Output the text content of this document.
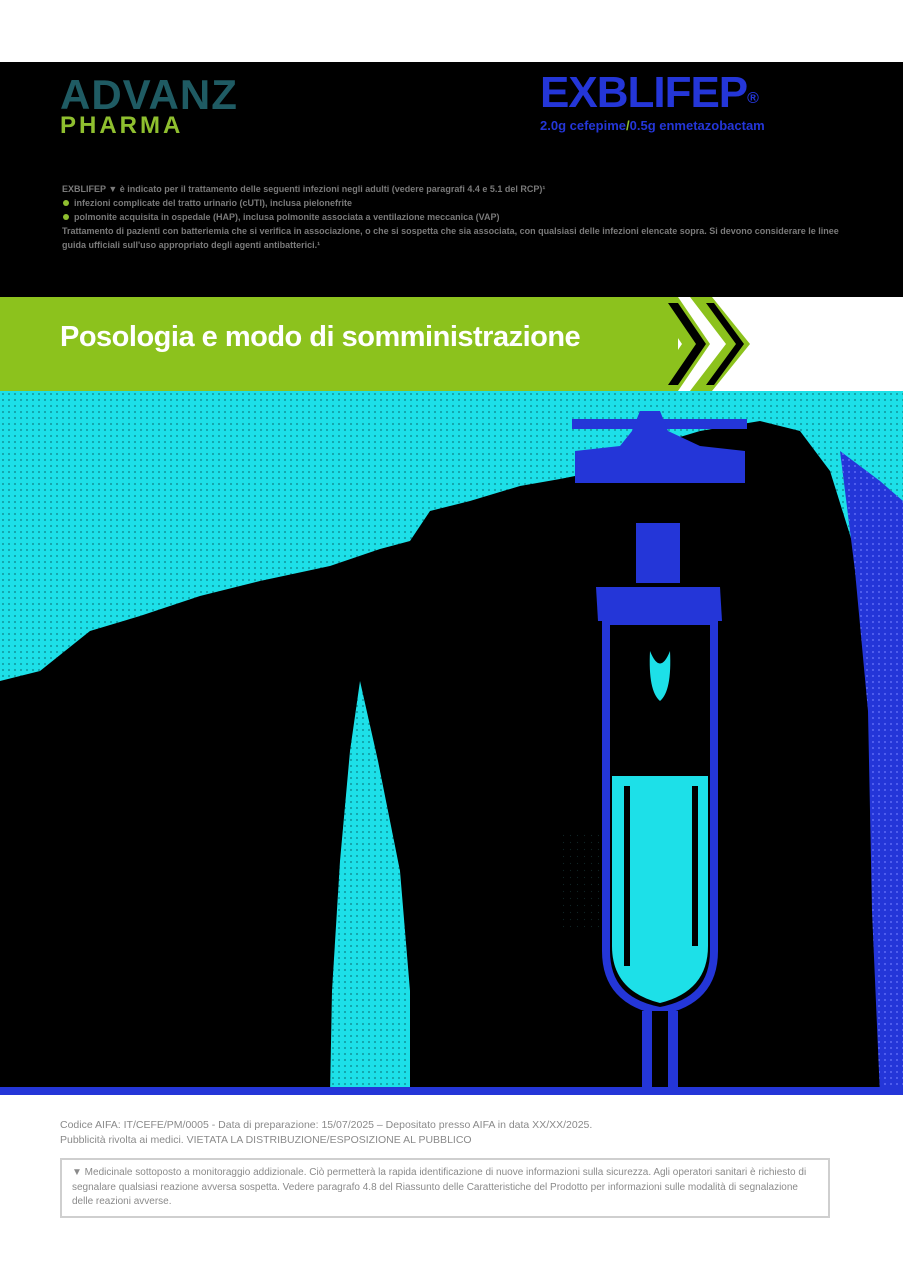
ADVANZ
PHARMA
EXBLIFEP®
2.0g cefepime/0.5g enmetazobactam
EXBLIFEP ▼ è indicato per il trattamento delle seguenti infezioni negli adulti (vedere paragrafi 4.4 e 5.1 del RCP)¹
infezioni complicate del tratto urinario (cUTI), inclusa pielonefrite
polmonite acquisita in ospedale (HAP), inclusa polmonite associata a ventilazione meccanica (VAP)
Trattamento di pazienti con batteriemia che si verifica in associazione, o che si sospetta che sia associata, con qualsiasi delle infezioni elencate sopra. Si devono considerare le linee guida ufficiali sull'uso appropriato degli agenti antibatterici.¹
Posologia e modo di somministrazione
Codice AIFA: IT/CEFE/PM/0005 - Data di preparazione: 15/07/2025 – Depositato presso AIFA in data XX/XX/2025.
Pubblicità rivolta ai medici. VIETATA LA DISTRIBUZIONE/ESPOSIZIONE AL PUBBLICO
▼ Medicinale sottoposto a monitoraggio addizionale. Ciò permetterà la rapida identificazione di nuove informazioni sulla sicurezza. Agli operatori sanitari è richiesto di segnalare qualsiasi reazione avversa sospetta. Vedere paragrafo 4.8 del Riassunto delle Caratteristiche del Prodotto per informazioni sulle modalità di segnalazione delle reazioni avverse.
